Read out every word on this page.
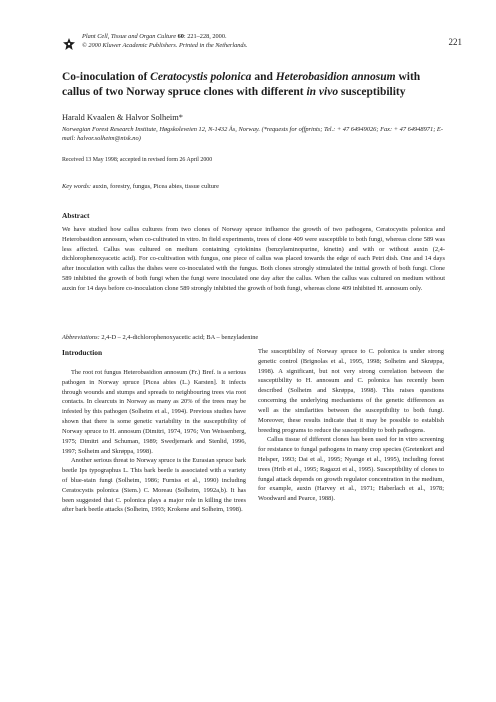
Plant Cell, Tissue and Organ Culture 60: 221–228, 2000.
© 2000 Kluwer Academic Publishers. Printed in the Netherlands.	221
Co-inoculation of Ceratocystis polonica and Heterobasidion annosum with callus of two Norway spruce clones with different in vivo susceptibility
Harald Kvaalen & Halvor Solheim*
Norwegian Forest Research Institute, Høgskoleveien 12, N-1432 Ås, Norway. (*requests for offprints; Tel.: + 47 64949026; Fax: + 47 64948971; E-mail: halvor.solheim@nisk.no)
Received 13 May 1998; accepted in revised form 26 April 2000
Key words: auxin, forestry, fungus, Picea abies, tissue culture
Abstract
We have studied how callus cultures from two clones of Norway spruce influence the growth of two pathogens, Ceratocystis polonica and Heterobasidion annosum, when co-cultivated in vitro. In field experiments, trees of clone 409 were susceptible to both fungi, whereas clone 589 was less affected. Callus was cultured on medium containing cytokinins (benzylaminopurine, kinetin) and with or without auxin (2,4-dichlorophenoxyacetic acid). For co-cultivation with fungus, one piece of callus was placed towards the edge of each Petri dish. One and 14 days after inoculation with callus the dishes were co-inoculated with the fungus. Both clones strongly stimulated the initial growth of both fungi. Clone 589 inhibited the growth of both fungi when the fungi were inoculated one day after the callus. When the callus was cultured on medium without auxin for 14 days before co-inoculation clone 589 strongly inhibited the growth of both fungi, whereas clone 409 inhibited H. annosum only.
Abbreviations: 2,4-D – 2,4-dichlorophenoxyacetic acid; BA – benzyladenine
Introduction

The root rot fungus Heterobasidion annosum (Fr.) Bref. is a serious pathogen in Norway spruce [Picea abies (L.) Karsten]. It infects through wounds and stumps and spreads to neighbouring trees via root contacts. In clearcuts in Norway as many as 20% of the trees may be infested by this pathogen (Solheim et al., 1994). Previous studies have shown that there is some genetic variability in the susceptibility of Norway spruce to H. annosum (Dimitri, 1974, 1976; Von Weissenberg, 1975; Dimitri and Schuman, 1989; Swedjemark and Stenlid, 1996, 1997; Solheim and Skrøppa, 1998).

Another serious threat to Norway spruce is the Eurasian spruce bark beetle Ips typographus L. This bark beetle is associated with a variety of blue-stain fungi (Solheim, 1986; Furniss et al., 1990) including Ceratocystis polonica (Siem.) C. Moreau (Solheim, 1992a,b). It has been suggested that C. polonica plays a major role in killing the trees after bark beetle attacks (Solheim, 1993; Krokene and Solheim, 1998).

The susceptibility of Norway spruce to C. polonica is under strong genetic control (Brignolas et al., 1995, 1998; Solheim and Skrøppa, 1998). A significant, but not very strong correlation between the susceptibility to H. annosum and C. polonica has recently been described (Solheim and Skrøppa, 1998). This raises questions concerning the underlying mechanisms of the genetic differences as well as the similarities between the susceptibility to both fungi. Moreover, these results indicate that it may be possible to establish breeding programs to reduce the susceptibility to both pathogens.

Callus tissue of different clones has been used for in vitro screening for resistance to fungal pathogens in many crop species (Gretenkort and Helsper, 1993; Dai et al., 1995; Nyange et al., 1995), including forest trees (Hrib et al., 1995; Ragazzi et al., 1995). Susceptibility of clones to fungal attack depends on growth regulator concentration in the medium, for example, auxin (Harvey et al., 1971; Haberlach et al., 1978; Woodward and Pearce, 1988).
